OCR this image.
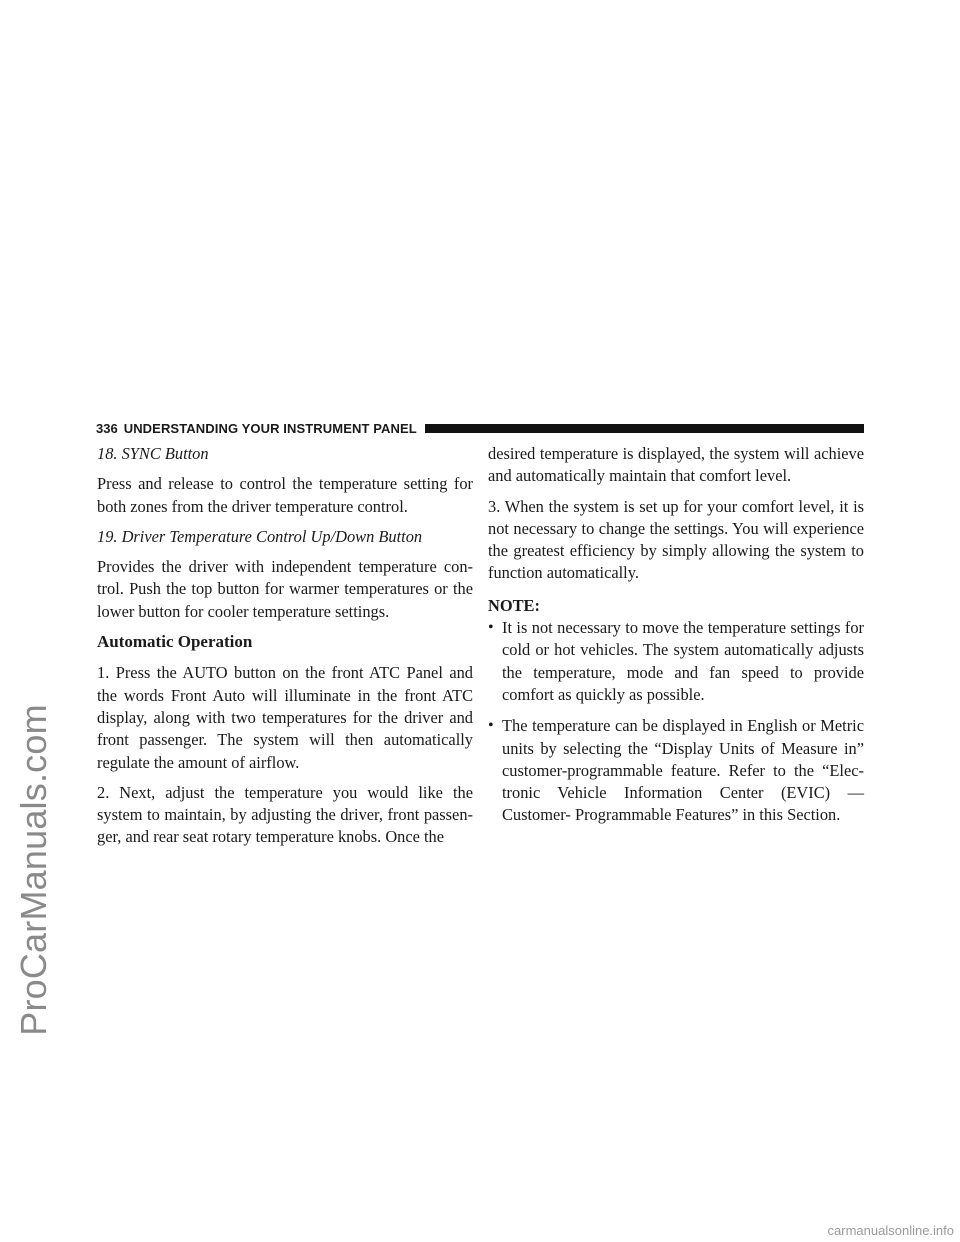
ProCarManuals.com
336 UNDERSTANDING YOUR INSTRUMENT PANEL

18. SYNC Button

Press and release to control the temperature setting for both zones from the driver temperature control.

19. Driver Temperature Control Up/Down Button

Provides the driver with independent temperature con- trol. Push the top button for warmer temperatures or the lower button for cooler temperature settings.

Automatic Operation

1. Press the AUTO button on the front ATC Panel and the words Front Auto will illuminate in the front ATC display, along with two temperatures for the driver and front passenger. The system will then automatically regulate the amount of airflow.

2. Next, adjust the temperature you would like the system to maintain, by adjusting the driver, front passen- ger, and rear seat rotary temperature knobs. Once the

desired temperature is displayed, the system will achieve and automatically maintain that comfort level.

3. When the system is set up for your comfort level, it is not necessary to change the settings. You will experience the greatest efficiency by simply allowing the system to function automatically.

NOTE:
• It is not necessary to move the temperature settings for cold or hot vehicles. The system automatically adjusts the temperature, mode and fan speed to provide comfort as quickly as possible.
• The temperature can be displayed in English or Metric units by selecting the “Display Units of Measure in” customer-programmable feature. Refer to the “Elec- tronic Vehicle Information Center (EVIC) — Customer- Programmable Features” in this Section.
carmanualsonline.info
